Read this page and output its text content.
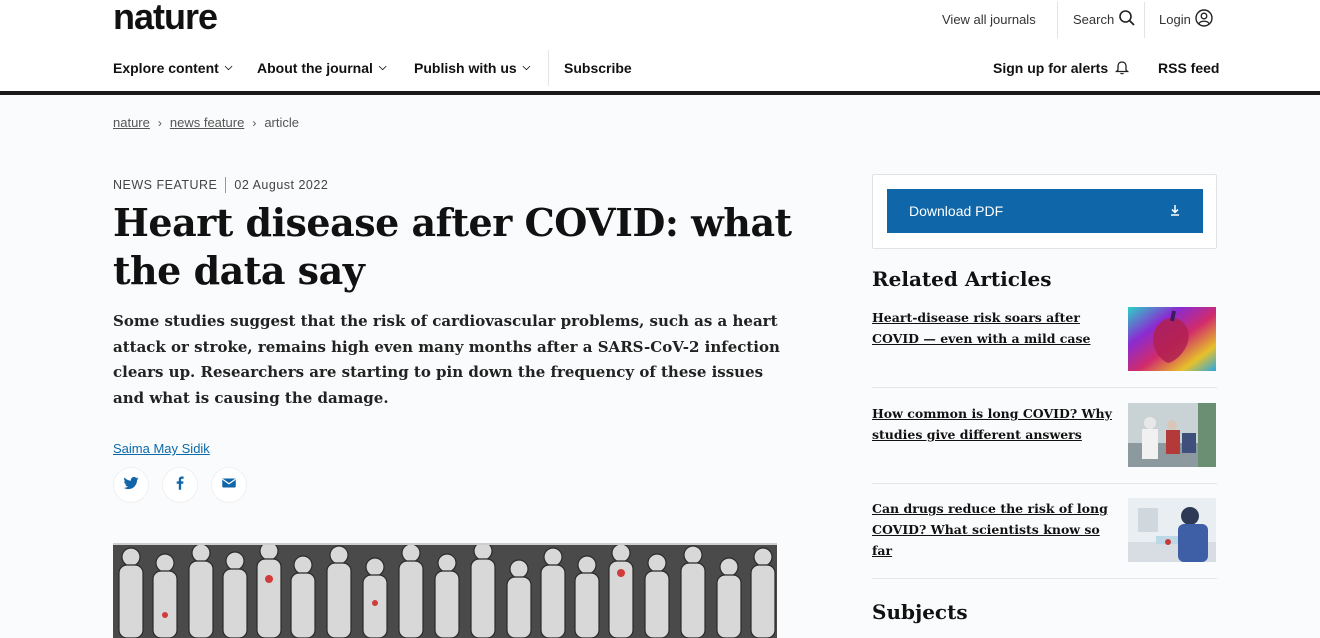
nature	View all journals	Search	Login
Explore content ⌵ About the journal ⌵ Publish with us ⌵ Subscribe	Sign up for alerts	RSS feed
nature › news feature › article
NEWS FEATURE 02 August 2022
Heart disease after COVID: what the data say

Some studies suggest that the risk of cardiovascular problems, such as a heart attack or stroke, remains high even many months after a SARS-CoV-2 infection clears up. Researchers are starting to pin down the frequency of these issues and what is causing the damage.

Saima May Sidik
Download PDF
Related Articles
Heart-disease risk soars after COVID — even with a mild case
How common is long COVID? Why studies give different answers
Can drugs reduce the risk of long COVID? What scientists know so far
Subjects
